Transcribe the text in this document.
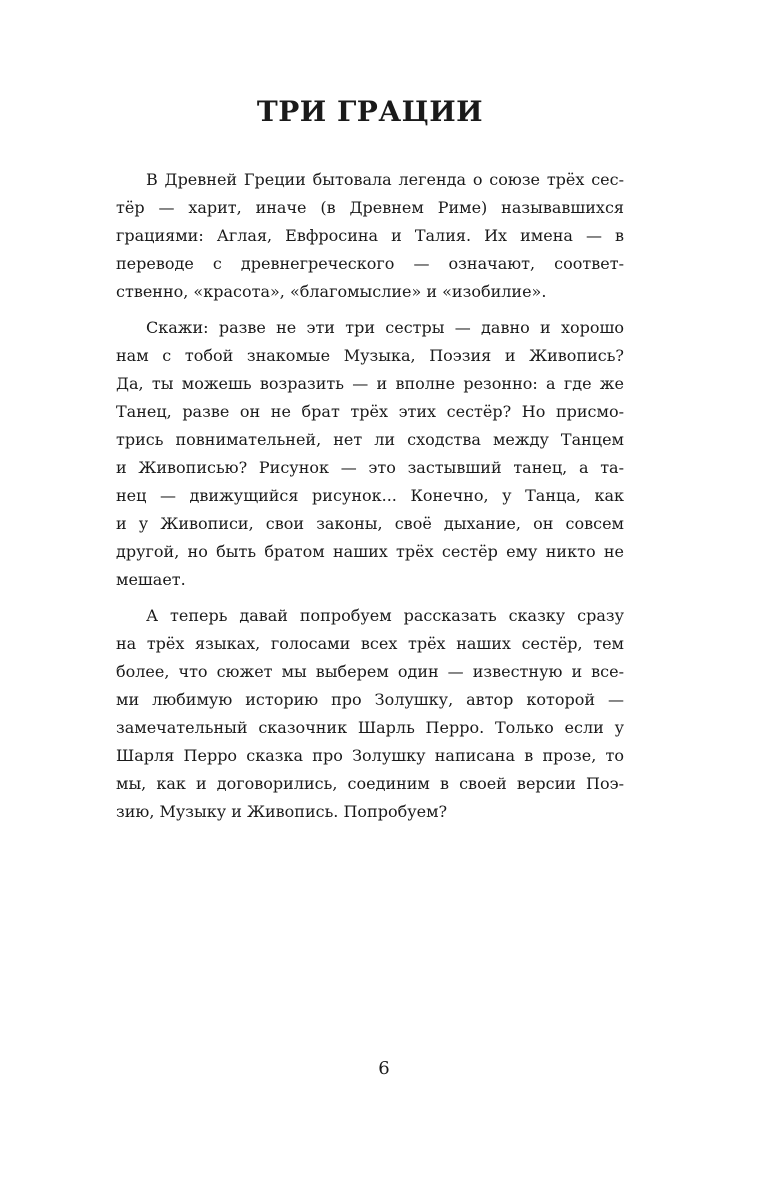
ТРИ ГРАЦИИ
В Древней Греции бытовала легенда о союзе трёх сес-
тёр — харит, иначе (в Древнем Риме) называвшихся
грациями: Аглая, Евфросина и Талия. Их имена — в
переводе с древнегреческого — означают, соответ-
ственно, «красота», «благомыслие» и «изобилие».
Скажи: разве не эти три сестры — давно и хорошо
нам с тобой знакомые Музыка, Поэзия и Живопись?
Да, ты можешь возразить — и вполне резонно: а где же
Танец, разве он не брат трёх этих сестёр? Но присмо-
трись повнимательней, нет ли сходства между Танцем
и Живописью? Рисунок — это застывший танец, а та-
нец — движущийся рисунок... Конечно, у Танца, как
и у Живописи, свои законы, своё дыхание, он совсем
другой, но быть братом наших трёх сестёр ему никто не
мешает.
А теперь давай попробуем рассказать сказку сразу
на трёх языках, голосами всех трёх наших сестёр, тем
более, что сюжет мы выберем один — известную и все-
ми любимую историю про Золушку, автор которой —
замечательный сказочник Шарль Перро. Только если у
Шарля Перро сказка про Золушку написана в прозе, то
мы, как и договорились, соединим в своей версии Поэ-
зию, Музыку и Живопись. Попробуем?
6
